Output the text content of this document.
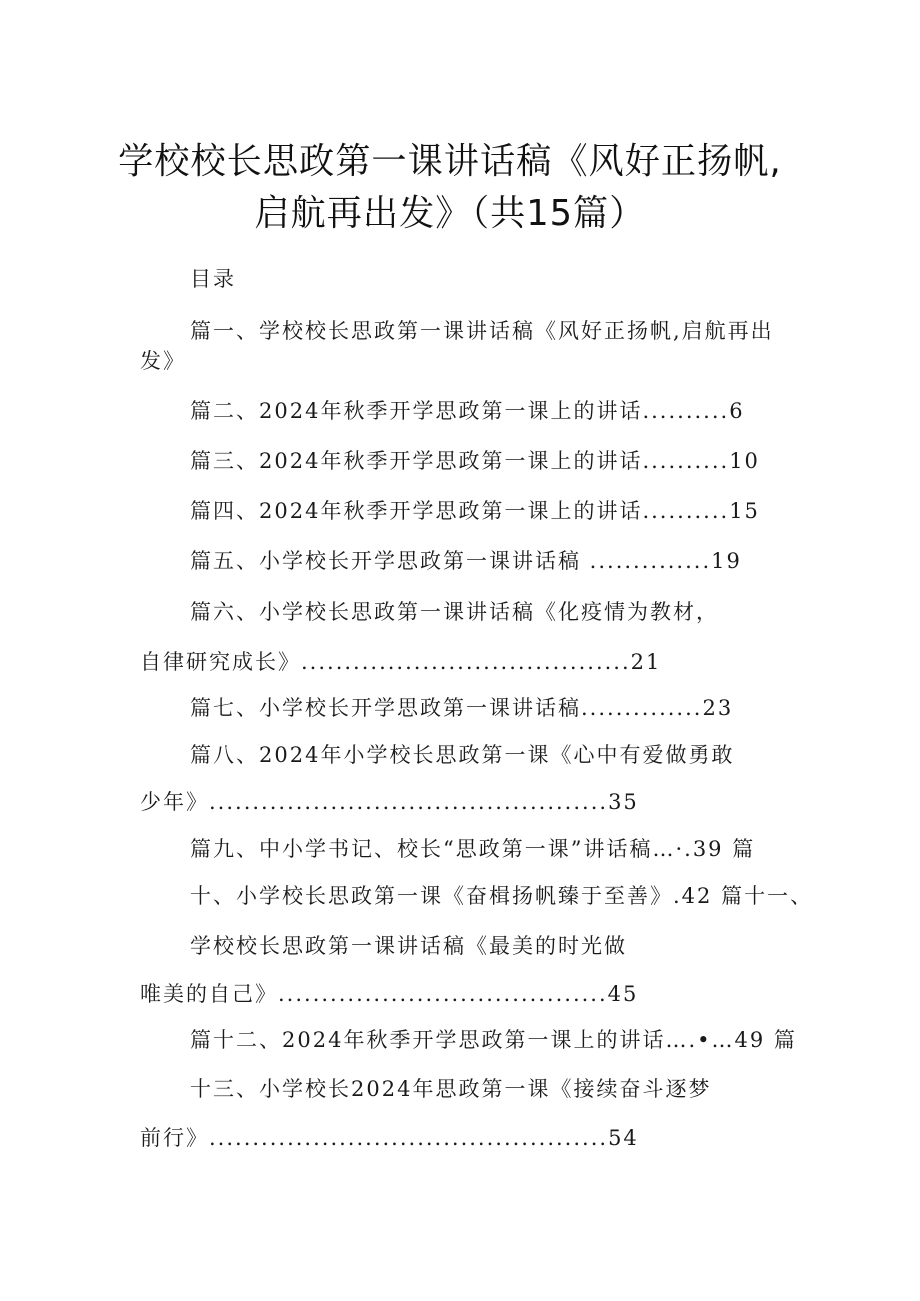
学校校长思政第一课讲话稿《风好正扬帆,
启航再出发》（共15篇）
目录
篇一、学校校长思政第一课讲话稿《风好正扬帆,启航再出
发》
篇二、2024年秋季开学思政第一课上的讲话..........6
篇三、2024年秋季开学思政第一课上的讲话..........10
篇四、2024年秋季开学思政第一课上的讲话..........15
篇五、小学校长开学思政第一课讲话稿 ..............19
篇六、小学校长思政第一课讲话稿《化疫情为教材，
自律研究成长》......................................21
篇七、小学校长开学思政第一课讲话稿..............23
篇八、2024年小学校长思政第一课《心中有爱做勇敢
少年》..............................................35
篇九、中小学书记、校长“思政第一课”讲话稿…·.39 篇
十、小学校长思政第一课《奋楫扬帆臻于至善》.42 篇十一、
学校校长思政第一课讲话稿《最美的时光做
唯美的自己》......................................45
篇十二、2024年秋季开学思政第一课上的讲话….•…49 篇
十三、小学校长2024年思政第一课《接续奋斗逐梦
前行》..............................................54
